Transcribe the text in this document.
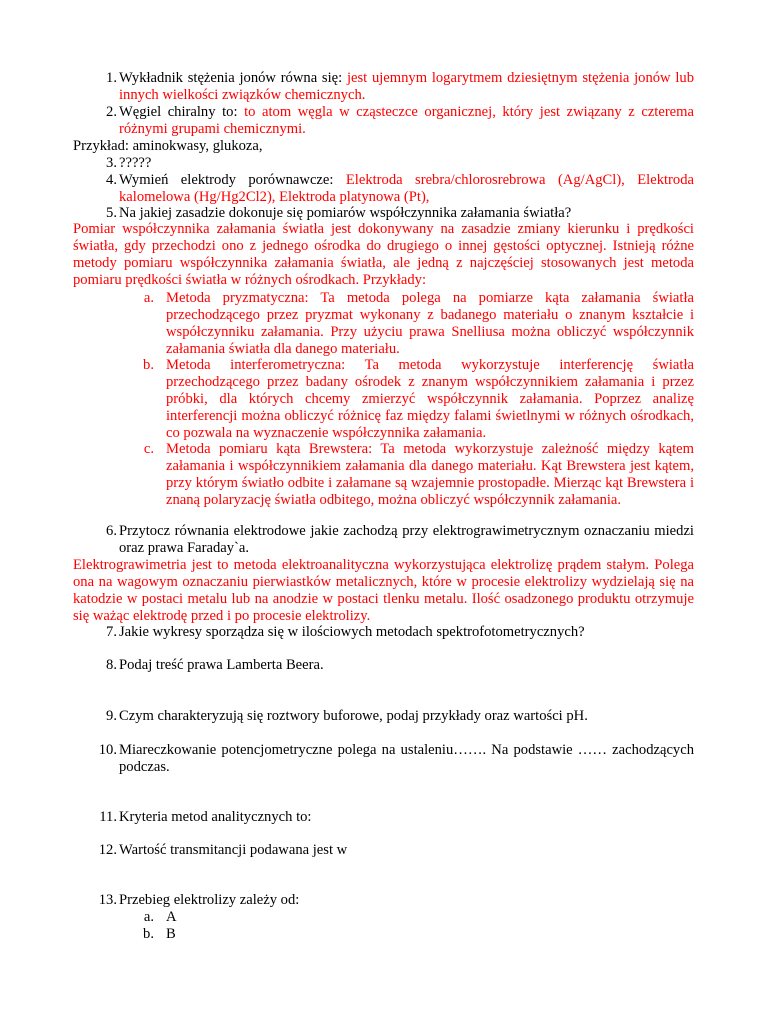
1. Wykładnik stężenia jonów równa się: jest ujemnym logarytmem dziesiętnym stężenia jonów lub innych wielkości związków chemicznych.
2. Węgiel chiralny to: to atom węgla w cząsteczce organicznej, który jest związany z czterema różnymi grupami chemicznymi.
Przykład: aminokwasy, glukoza,
3. ?????
4. Wymień elektrody porównawcze: Elektroda srebra/chlorosrebrowa (Ag/AgCl), Elektroda kalomelowa (Hg/Hg2Cl2), Elektroda platynowa (Pt),
5. Na jakiej zasadzie dokonuje się pomiarów współczynnika załamania światła?
Pomiar współczynnika załamania światła jest dokonywany na zasadzie zmiany kierunku i prędkości światła, gdy przechodzi ono z jednego ośrodka do drugiego o innej gęstości optycznej. Istnieją różne metody pomiaru współczynnika załamania światła, ale jedną z najczęściej stosowanych jest metoda pomiaru prędkości światła w różnych ośrodkach. Przykłady:
a. Metoda pryzmatyczna: Ta metoda polega na pomiarze kąta załamania światła przechodzącego przez pryzmat wykonany z badanego materiału o znanym kształcie i współczynniku załamania. Przy użyciu prawa Snelliusa można obliczyć współczynnik załamania światła dla danego materiału.
b. Metoda interferometryczna: Ta metoda wykorzystuje interferencję światła przechodzącego przez badany ośrodek z znanym współczynnikiem załamania i przez próbki, dla których chcemy zmierzyć współczynnik załamania. Poprzez analizę interferencji można obliczyć różnicę faz między falami świetlnymi w różnych ośrodkach, co pozwala na wyznaczenie współczynnika załamania.
c. Metoda pomiaru kąta Brewstera: Ta metoda wykorzystuje zależność między kątem załamania i współczynnikiem załamania dla danego materiału. Kąt Brewstera jest kątem, przy którym światło odbite i załamane są wzajemnie prostopadłe. Mierząc kąt Brewstera i znaną polaryzację światła odbitego, można obliczyć współczynnik załamania.
6. Przytocz równania elektrodowe jakie zachodzą przy elektrograwimetrycznym oznaczaniu miedzi oraz prawa Faraday`a.
Elektrograwimetria jest to metoda elektroanalityczna wykorzystująca elektrolizę prądem stałym. Polega ona na wagowym oznaczaniu pierwiastków metalicznych, które w procesie elektrolizy wydzielają się na katodzie w postaci metalu lub na anodzie w postaci tlenku metalu. Ilość osadzonego produktu otrzymuje się ważąc elektrodę przed i po procesie elektrolizy.
7. Jakie wykresy sporządza się w ilościowych metodach spektrofotometrycznych?
8. Podaj treść prawa Lamberta Beera.
9. Czym charakteryzują się roztwory buforowe, podaj przykłady oraz wartości pH.
10. Miareczkowanie potencjometryczne polega na ustaleniu……. Na podstawie …… zachodzących podczas.
11. Kryteria metod analitycznych to:
12. Wartość transmitancji podawana jest w
13. Przebieg elektrolizy zależy od:
a. A
b. B
